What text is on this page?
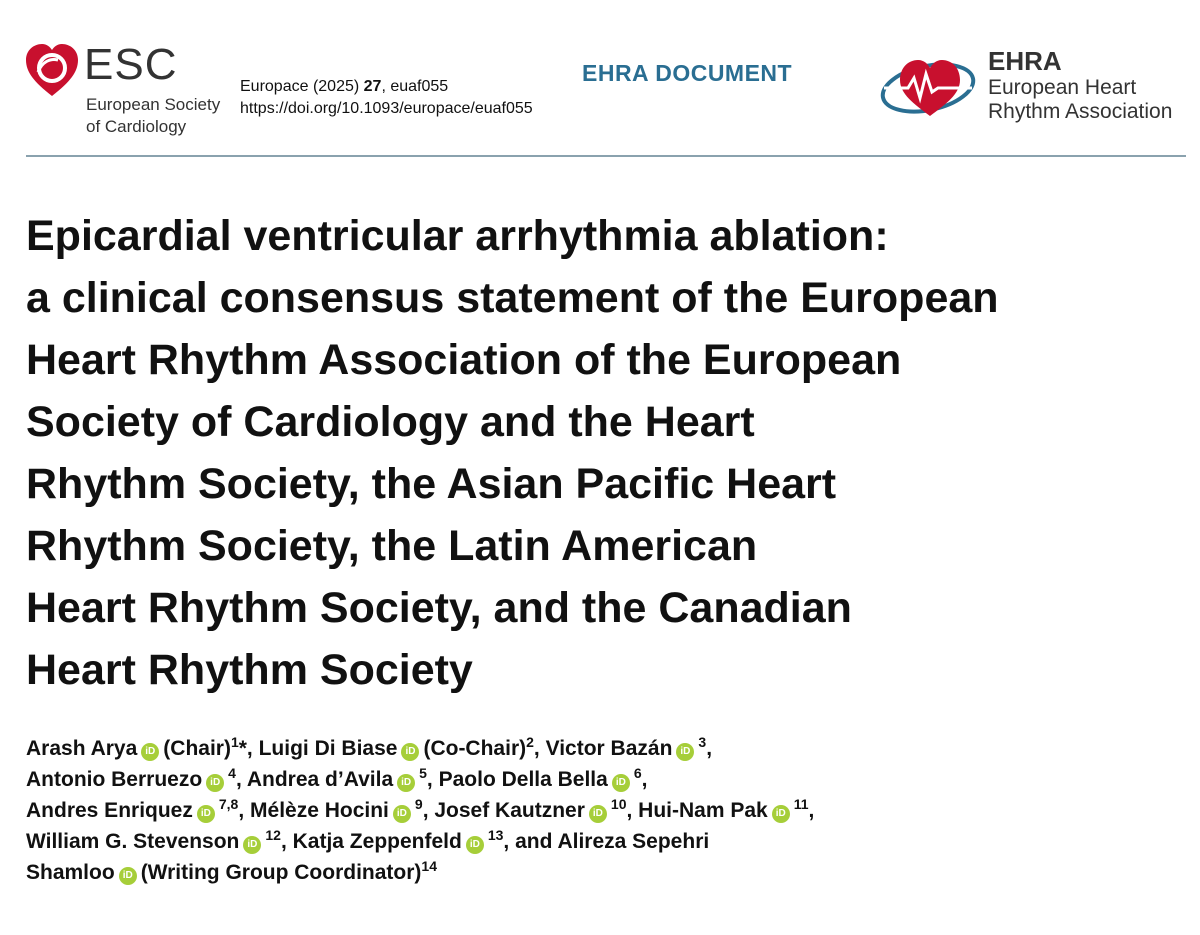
ESC
European Society
of Cardiology
Europace (2025) 27, euaf055
https://doi.org/10.1093/europace/euaf055
EHRA DOCUMENT	EHRA
European Heart
Rhythm Association
Epicardial ventricular arrhythmia ablation:
a clinical consensus statement of the European
Heart Rhythm Association of the European
Society of Cardiology and the Heart
Rhythm Society, the Asian Pacific Heart
Rhythm Society, the Latin American
Heart Rhythm Society, and the Canadian
Heart Rhythm Society
Arash Arya iD (Chair)$^1$*, Luigi Di Biase iD (Co-Chair)$^2$, Victor Bazán $iD^3$,
Antonio Berruezo $iD^4$, Andrea d’Avila $iD^5$, Paolo Della Bella $iD^6$,
Andres Enriquez iD$^{7,8}$, Mélèze Hocini $iD^9$, Josef Kautzner $iD^{10}$, Hui-Nam Pak $iD^{11}$,
William G. Stevenson $iD^{12}$, Katja Zeppenfeld $iD^{13}$, and Alireza Sepehri
Shamloo iD (Writing Group Coordinator)$^{14}$
